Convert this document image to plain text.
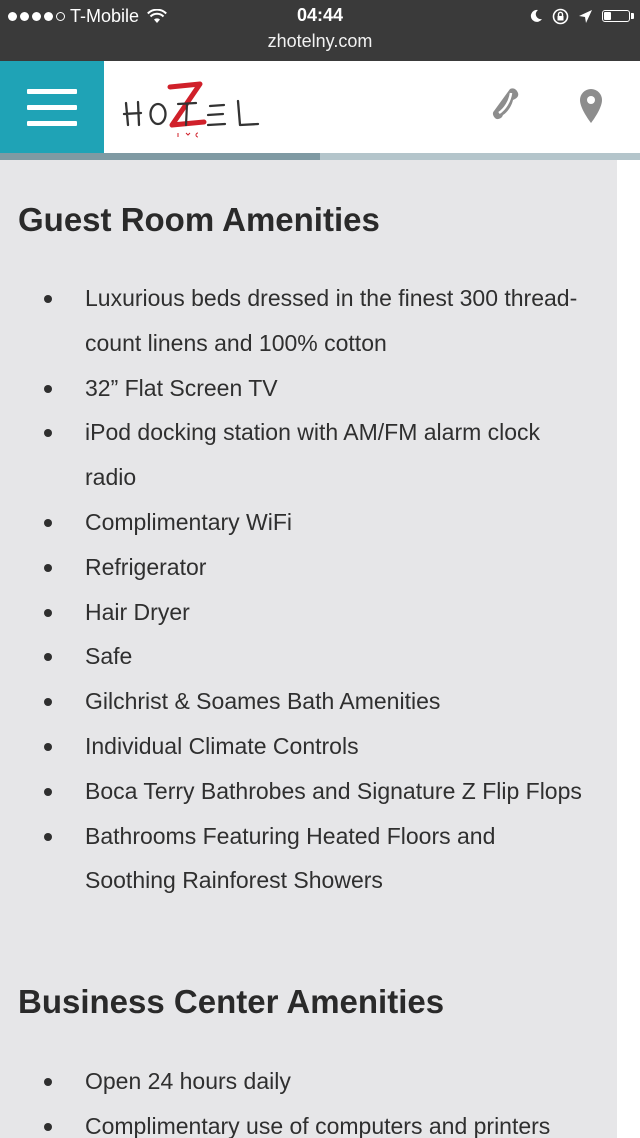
T-Mobile	04:44
zhotelny.com
Guest Room Amenities
Luxurious beds dressed in the finest 300 thread-count linens and 100% cotton
32” Flat Screen TV
iPod docking station with AM/FM alarm clock radio
Complimentary WiFi
Refrigerator
Hair Dryer
Safe
Gilchrist & Soames Bath Amenities
Individual Climate Controls
Boca Terry Bathrobes and Signature Z Flip Flops
Bathrooms Featuring Heated Floors and Soothing Rainforest Showers
Business Center Amenities
Open 24 hours daily
Complimentary use of computers and printers
